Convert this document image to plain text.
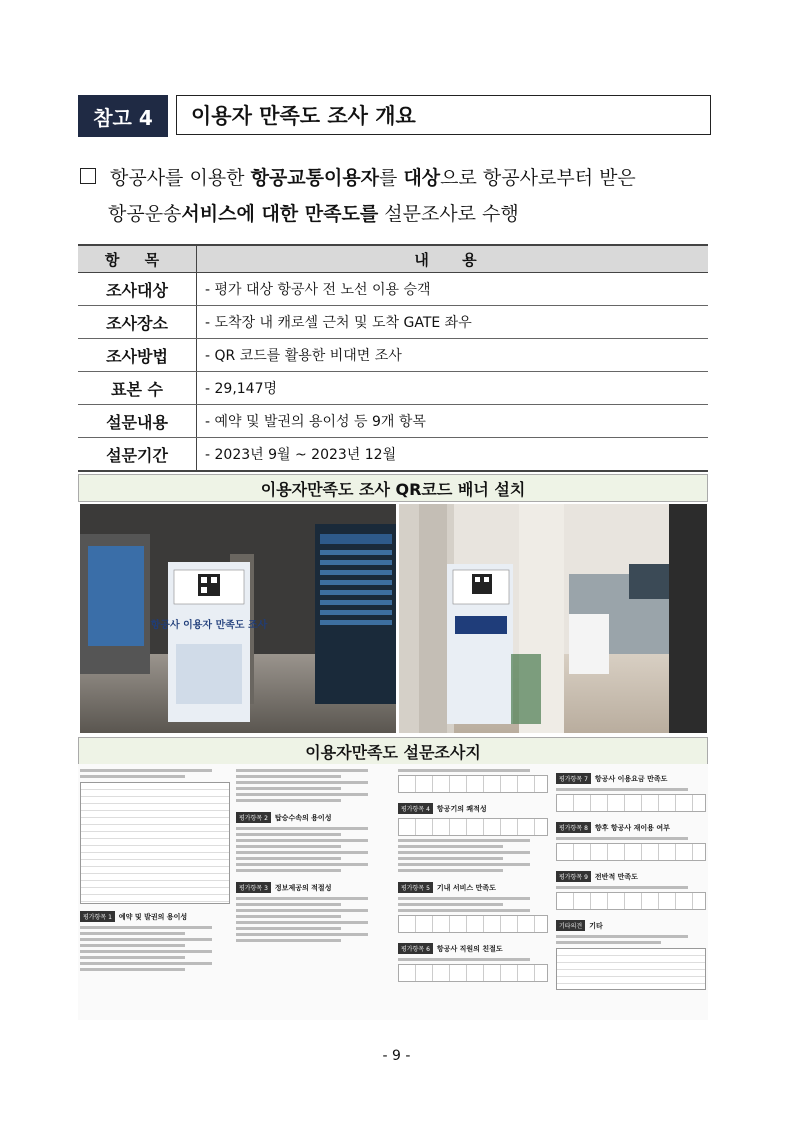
참고 4	이용자 만족도 조사 개요
항공사를 이용한 항공교통이용자를 대상으로 항공사로부터 받은
항공운송서비스에 대한 만족도를 설문조사로 수행
항 목	내 용
조사대상	- 평가 대상 항공사 전 노선 이용 승객
조사장소	- 도착장 내 캐로셀 근처 및 도착 GATE 좌우
조사방법	- QR 코드를 활용한 비대면 조사
표본 수	- 29,147명
설문내용	- 예약 및 발권의 용이성 등 9개 항목
설문기간	- 2023년 9월 ~ 2023년 12월
이용자만족도 조사 QR코드 배너 설치
항공사 이용자 만족도 조사
이용자만족도 설문조사지
평가항목 1 예약 및 발권의 용이성
평가항목 2 탑승수속의 용이성
평가항목 3 정보제공의 적절성
평가항목 4 항공기의 쾌적성
평가항목 5 기내 서비스 만족도
평가항목 6 항공사 직원의 친절도
평가항목 7 항공사 이용요금 만족도
평가항목 8 향후 항공사 재이용 여부
평가항목 9 전반적 만족도
기타의견 기타
- 9 -
